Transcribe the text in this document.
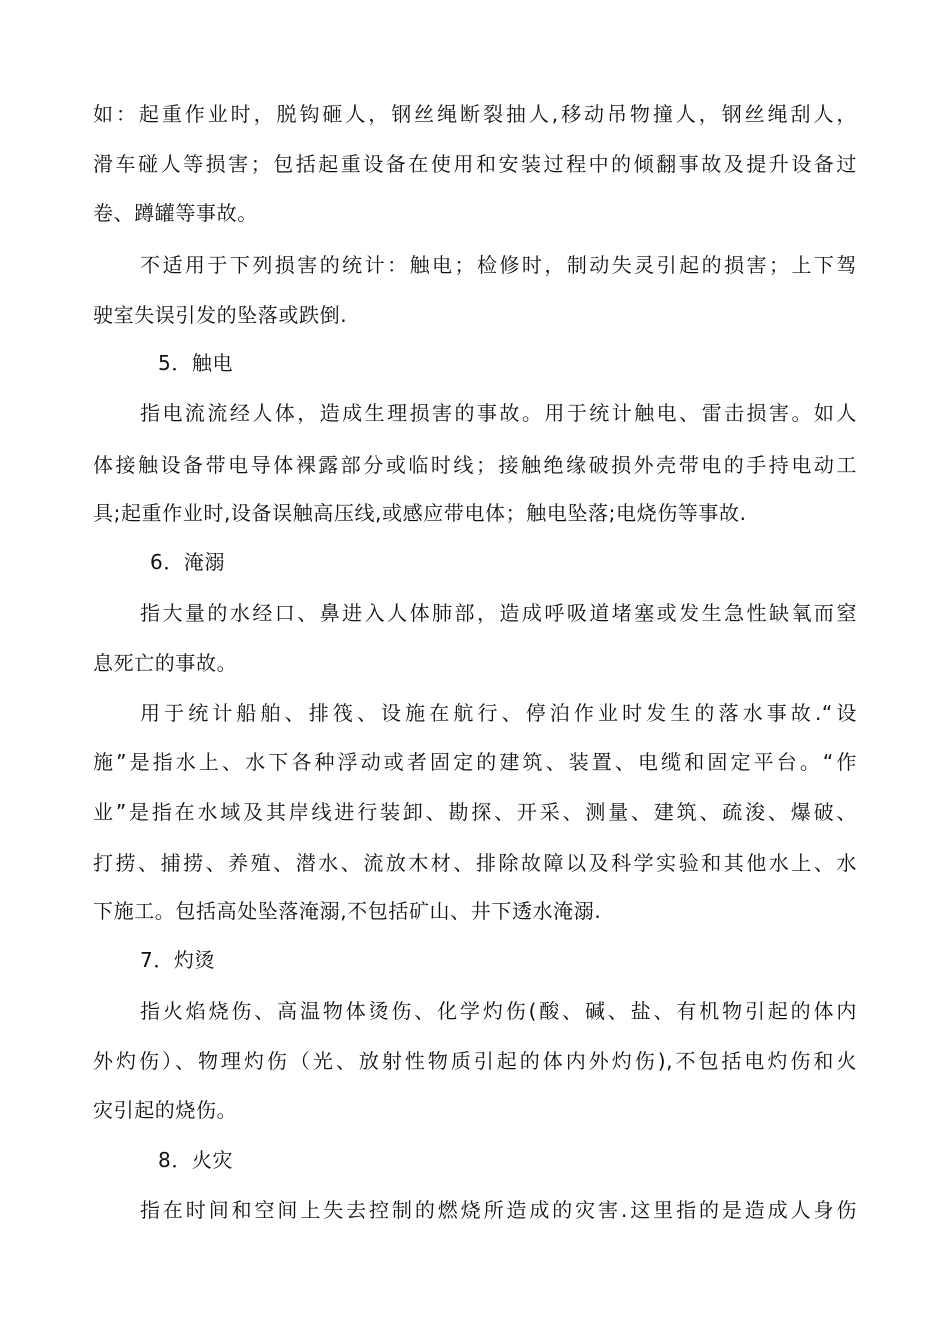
如：起重作业时，脱钩砸人，钢丝绳断裂抽人,移动吊物撞人，钢丝绳刮人，
滑车碰人等损害；包括起重设备在使用和安装过程中的倾翻事故及提升设备过
卷、蹲罐等事故。
不适用于下列损害的统计：触电；检修时，制动失灵引起的损害；上下驾
驶室失误引发的坠落或跌倒.
5．触电
指电流流经人体，造成生理损害的事故。用于统计触电、雷击损害。如人
体接触设备带电导体裸露部分或临时线；接触绝缘破损外壳带电的手持电动工
具;起重作业时,设备误触高压线,或感应带电体；触电坠落;电烧伤等事故.
6．淹溺
指大量的水经口、鼻进入人体肺部，造成呼吸道堵塞或发生急性缺氧而窒
息死亡的事故。
用于统计船舶、排筏、设施在航行、停泊作业时发生的落水事故.“设
施”是指水上、水下各种浮动或者固定的建筑、装置、电缆和固定平台。“作
业”是指在水域及其岸线进行装卸、勘探、开采、测量、建筑、疏浚、爆破、
打捞、捕捞、养殖、潜水、流放木材、排除故障以及科学实验和其他水上、水
下施工。包括高处坠落淹溺,不包括矿山、井下透水淹溺.
7．灼烫
指火焰烧伤、高温物体烫伤、化学灼伤(酸、碱、盐、有机物引起的体内
外灼伤）、物理灼伤（光、放射性物质引起的体内外灼伤),不包括电灼伤和火
灾引起的烧伤。
8．火灾
指在时间和空间上失去控制的燃烧所造成的灾害.这里指的是造成人身伤
